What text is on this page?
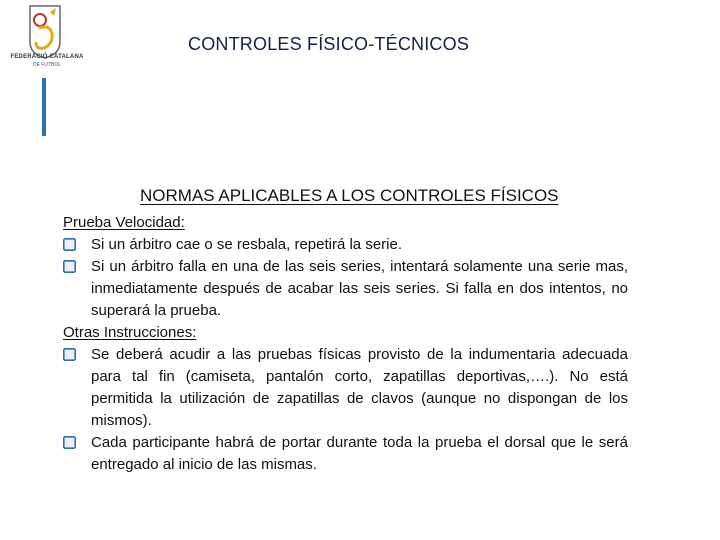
FEDERACIÓ CATALANA
DE FUTBOL
CONTROLES FÍSICO-TÉCNICOS
NORMAS APLICABLES A LOS CONTROLES FÍSICOS
Prueba Velocidad:
Si un árbitro cae o se resbala, repetirá la serie.
Si un árbitro falla en una de las seis series, intentará solamente una serie mas, inmediatamente después de acabar las seis series. Si falla en dos intentos, no superará la prueba.
Otras Instrucciones:
Se deberá acudir a las pruebas físicas provisto de la indumentaria adecuada para tal fin (camiseta, pantalón corto, zapatillas deportivas,….). No está permitida la utilización de zapatillas de clavos (aunque no dispongan de los mismos).
Cada participante habrá de portar durante toda la prueba el dorsal que le será entregado al inicio de las mismas.
